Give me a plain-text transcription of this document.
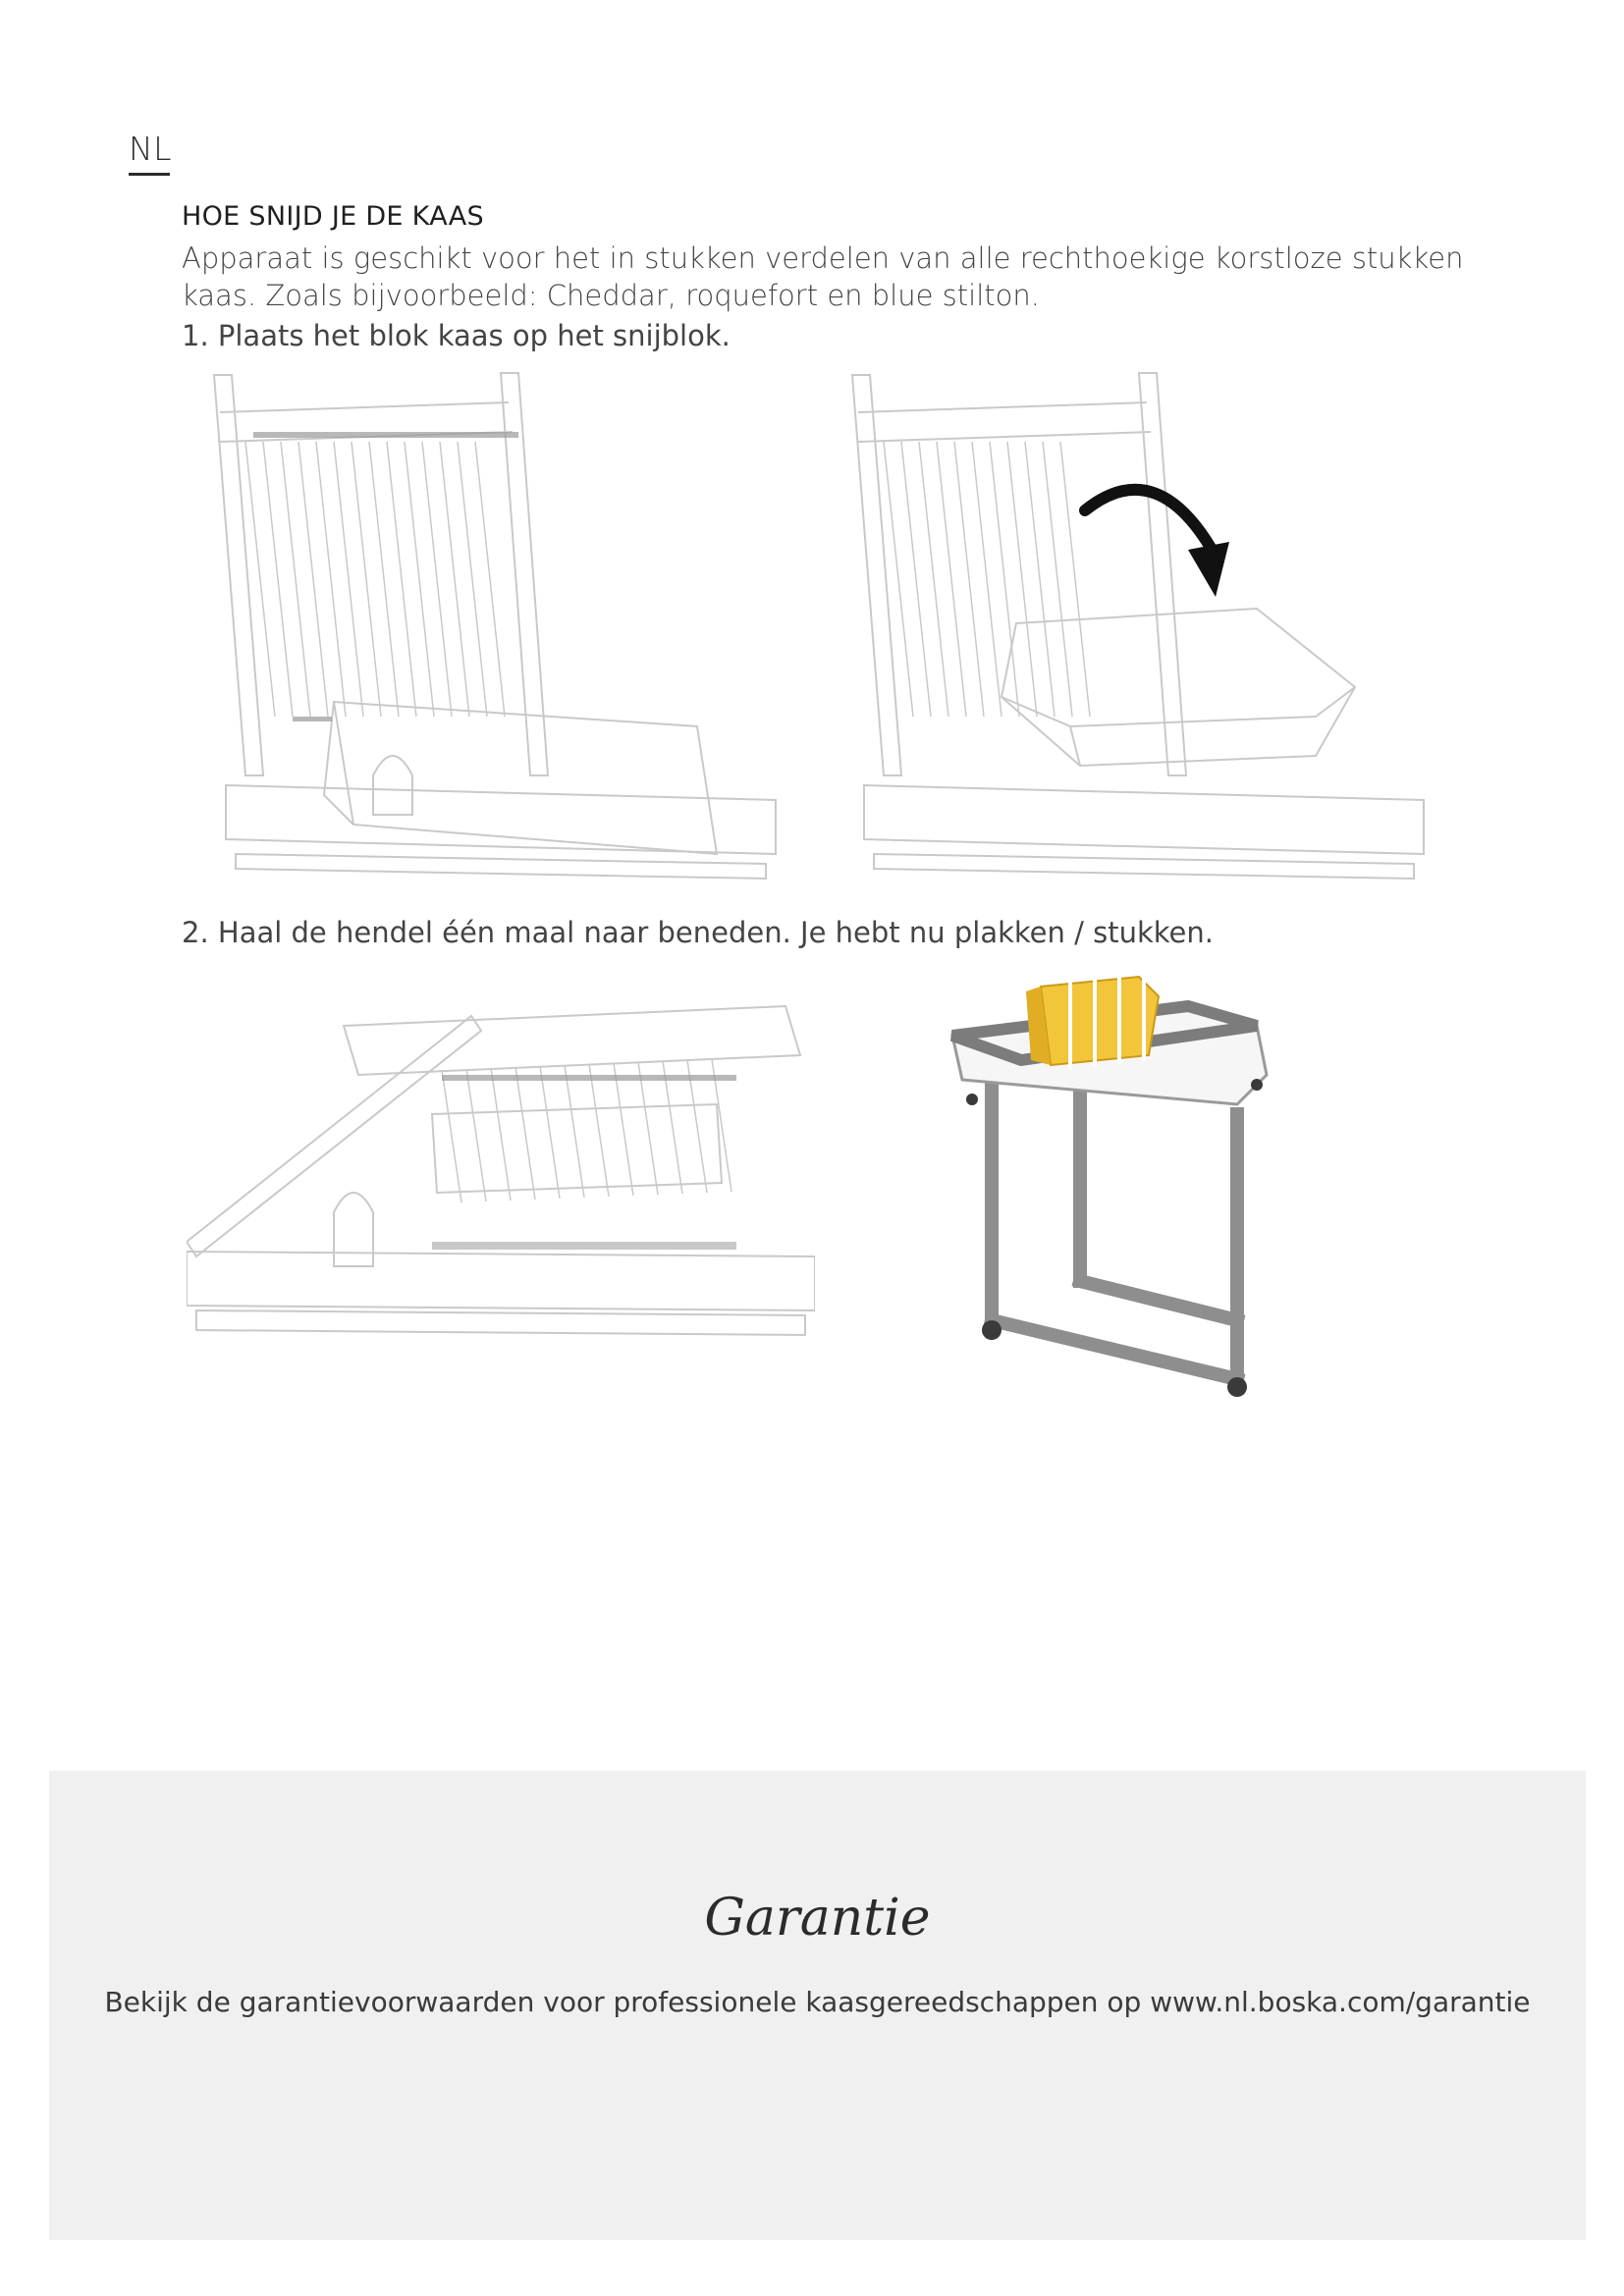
NL
HOE SNIJD JE DE KAAS

Apparaat is geschikt voor het in stukken verdelen van alle rechthoekige korstloze stukken kaas. Zoals bijvoorbeeld: Cheddar, roquefort en blue stilton.

1. Plaats het blok kaas op het snijblok.

2. Haal de hendel één maal naar beneden. Je hebt nu plakken / stukken.

Garantie

Bekijk de garantievoorwaarden voor professionele kaasgereedschappen op www.nl.boska.com/garantie
